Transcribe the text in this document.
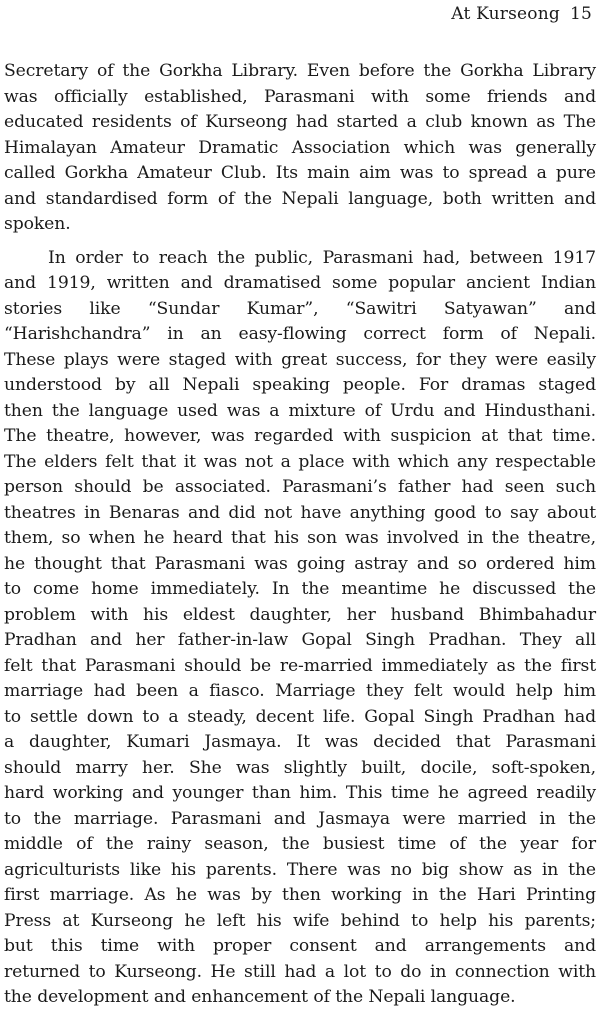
At Kurseong 15
Secretary of the Gorkha Library. Even before the Gorkha Library
was officially established, Parasmani with some friends and
educated residents of Kurseong had started a club known as The
Himalayan Amateur Dramatic Association which was generally
called Gorkha Amateur Club. Its main aim was to spread a pure
and standardised form of the Nepali language, both written and
spoken.
In order to reach the public, Parasmani had, between 1917
and 1919, written and dramatised some popular ancient Indian
stories like “Sundar Kumar”, “Sawitri Satyawan” and
“Harishchandra” in an easy-flowing correct form of Nepali.
These plays were staged with great success, for they were easily
understood by all Nepali speaking people. For dramas staged
then the language used was a mixture of Urdu and Hindusthani.
The theatre, however, was regarded with suspicion at that time.
The elders felt that it was not a place with which any respectable
person should be associated. Parasmani’s father had seen such
theatres in Benaras and did not have anything good to say about
them, so when he heard that his son was involved in the theatre,
he thought that Parasmani was going astray and so ordered him
to come home immediately. In the meantime he discussed the
problem with his eldest daughter, her husband Bhimbahadur
Pradhan and her father-in-law Gopal Singh Pradhan. They all
felt that Parasmani should be re-married immediately as the first
marriage had been a fiasco. Marriage they felt would help him
to settle down to a steady, decent life. Gopal Singh Pradhan had
a daughter, Kumari Jasmaya. It was decided that Parasmani
should marry her. She was slightly built, docile, soft-spoken,
hard working and younger than him. This time he agreed readily
to the marriage. Parasmani and Jasmaya were married in the
middle of the rainy season, the busiest time of the year for
agriculturists like his parents. There was no big show as in the
first marriage. As he was by then working in the Hari Printing
Press at Kurseong he left his wife behind to help his parents;
but this time with proper consent and arrangements and
returned to Kurseong. He still had a lot to do in connection with
the development and enhancement of the Nepali language.
